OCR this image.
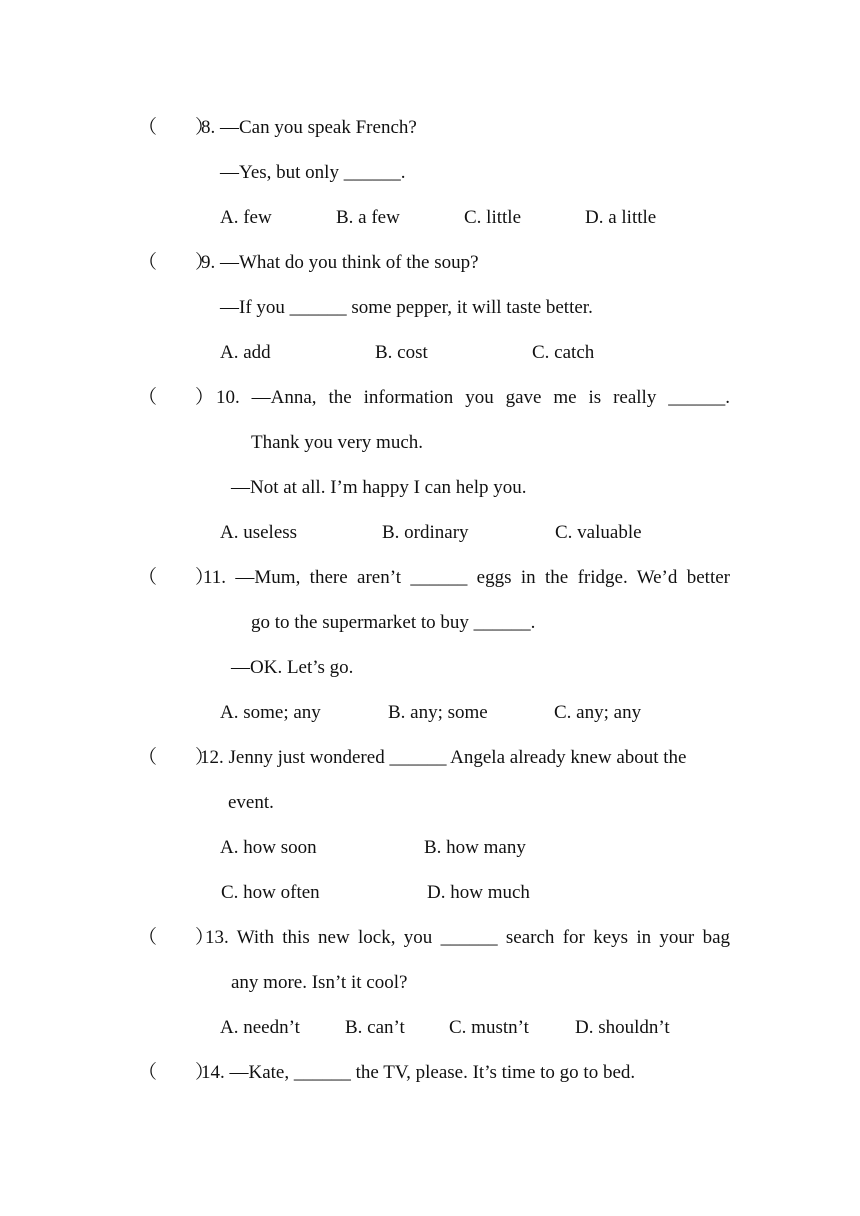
（　　）
8. —Can you speak French?
—Yes, but only ______.
A. few	B. a few	C. little	D. a little
（　　）
9. —What do you think of the soup?
—If you ______ some pepper, it will taste better.
A. add	B. cost	C. catch
（　　） 10. —Anna, the information you gave me is really ______.
Thank you very much.
—Not at all. I’m happy I can help you.
A. useless	B. ordinary	C. valuable
（　　）
11. —Mum, there aren’t ______ eggs in the fridge. We’d better
go to the supermarket to buy ______.
—OK. Let’s go.
A. some; any	B. any; some	C. any; any
（　　）
12. Jenny just wondered ______ Angela already knew about the
event.
A. how soon	B. how many
C. how often	D. how much
（　　）
13. With this new lock, you ______ search for keys in your bag
any more. Isn’t it cool?
A. needn’t B. can’t C. mustn’t D. shouldn’t
（　　）
14. —Kate, ______ the TV, please. It’s time to go to bed.
